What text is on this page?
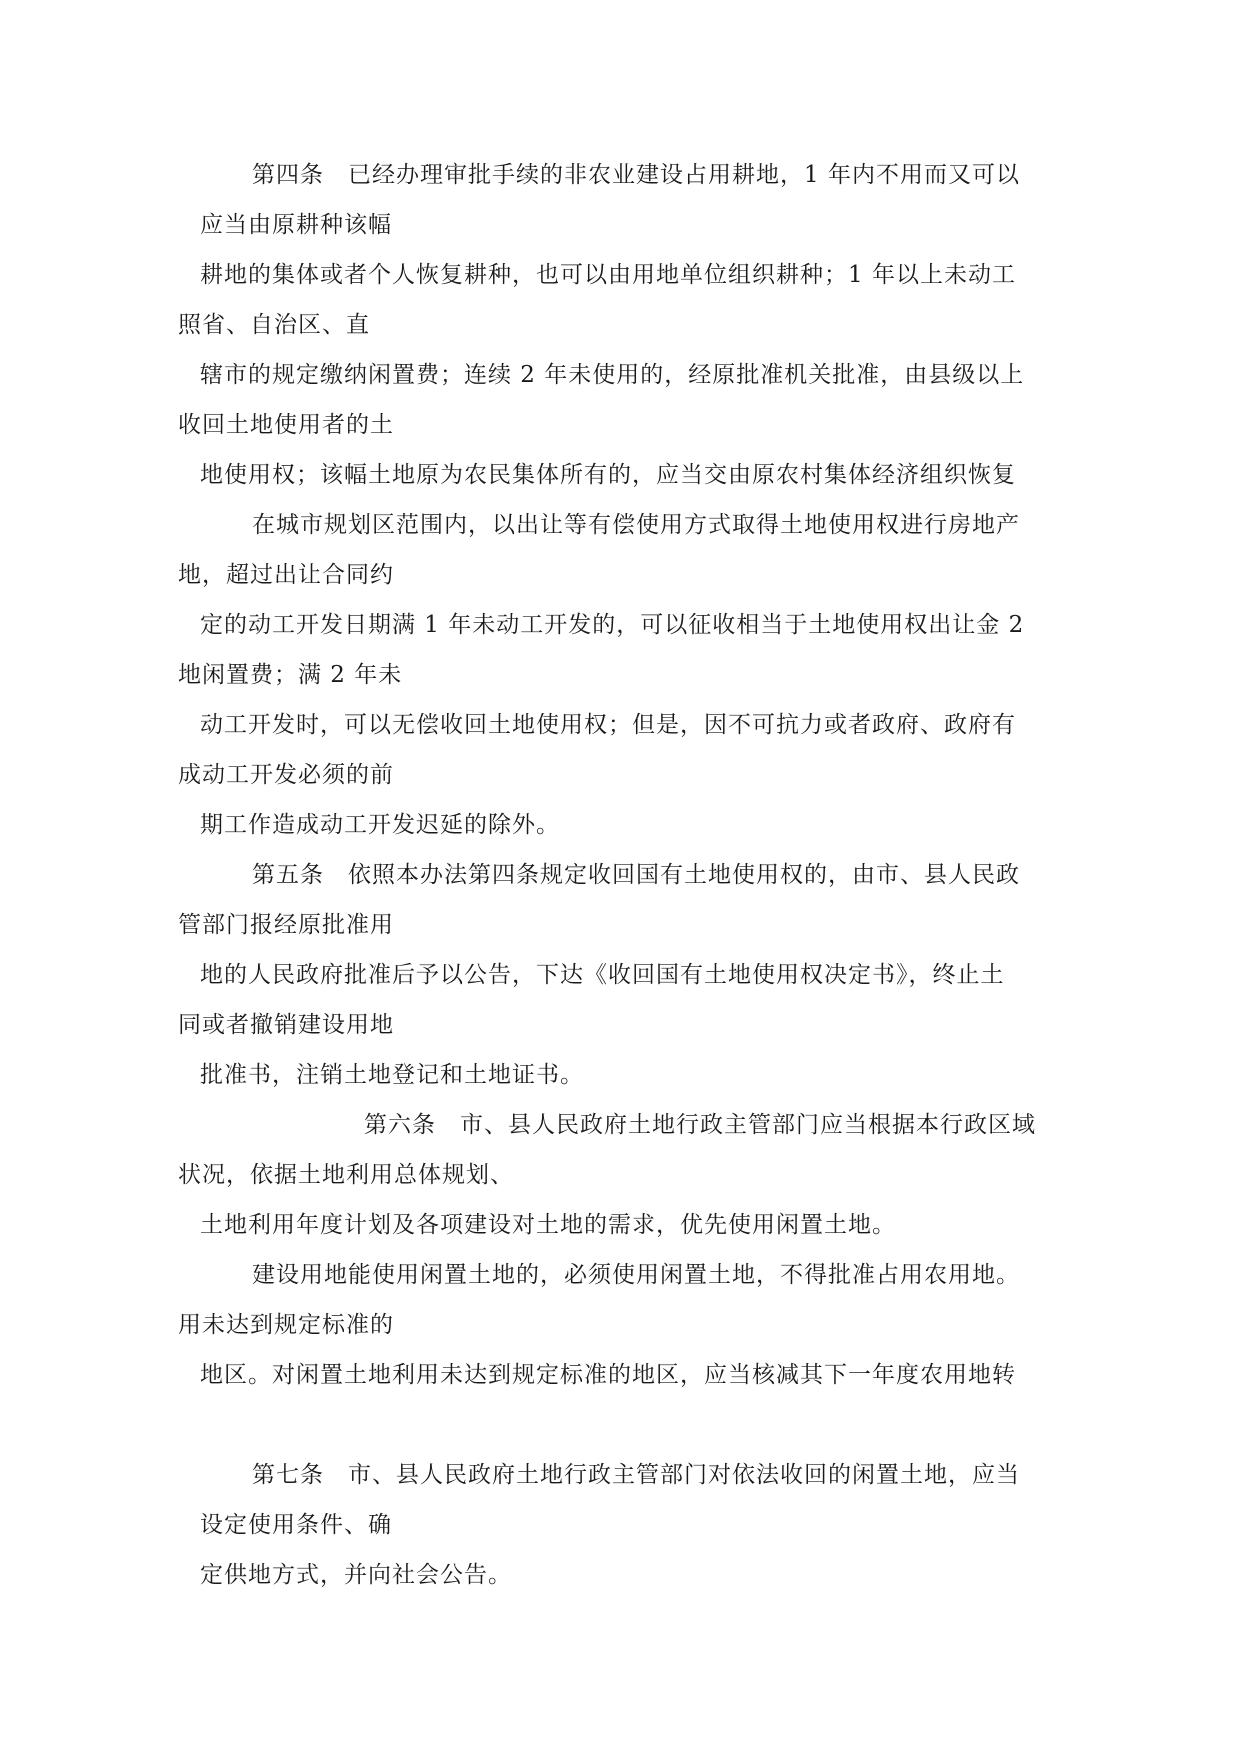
第四条　已经办理审批手续的非农业建设占用耕地，1 年内不用而又可以
应当由原耕种该幅
耕地的集体或者个人恢复耕种，也可以由用地单位组织耕种；1 年以上未动工
照省、自治区、直
辖市的规定缴纳闲置费；连续 2 年未使用的，经原批准机关批准，由县级以上
收回土地使用者的土
地使用权；该幅土地原为农民集体所有的，应当交由原农村集体经济组织恢复
在城市规划区范围内，以出让等有偿使用方式取得土地使用权进行房地产
地，超过出让合同约
定的动工开发日期满 1 年未动工开发的，可以征收相当于土地使用权出让金 2
地闲置费；满 2 年未
动工开发时，可以无偿收回土地使用权；但是，因不可抗力或者政府、政府有
成动工开发必须的前
期工作造成动工开发迟延的除外。
第五条　依照本办法第四条规定收回国有土地使用权的，由市、县人民政
管部门报经原批准用
地的人民政府批准后予以公告，下达《收回国有土地使用权决定书》，终止土
同或者撤销建设用地
批准书，注销土地登记和土地证书。
第六条　市、县人民政府土地行政主管部门应当根据本行政区域
状况，依据土地利用总体规划、
土地利用年度计划及各项建设对土地的需求，优先使用闲置土地。
建设用地能使用闲置土地的，必须使用闲置土地，不得批准占用农用地。
用未达到规定标准的
地区。对闲置土地利用未达到规定标准的地区，应当核减其下一年度农用地转
第七条　市、县人民政府土地行政主管部门对依法收回的闲置土地，应当
设定使用条件、确
定供地方式，并向社会公告。
